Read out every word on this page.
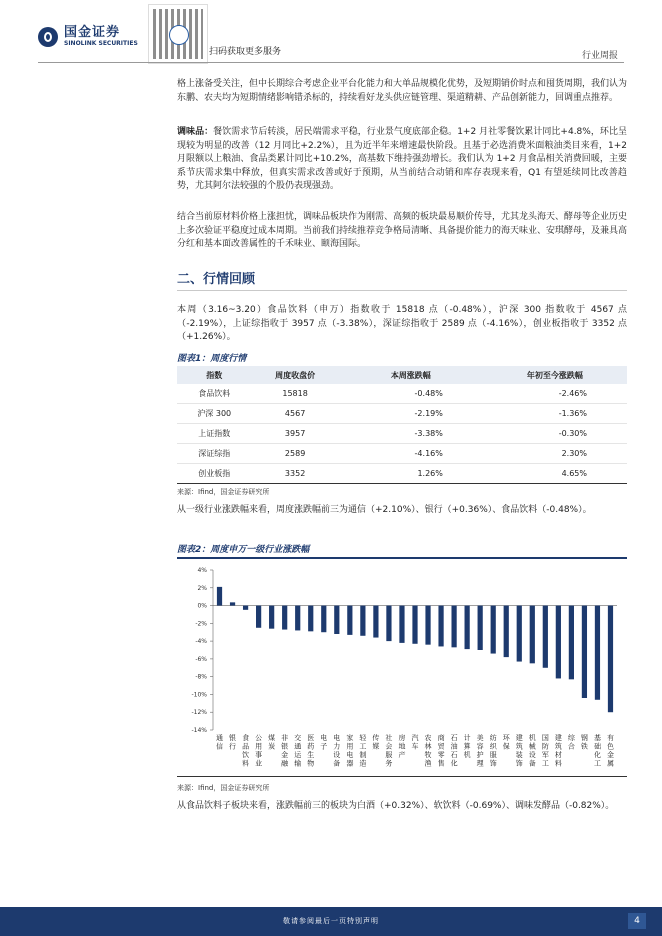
国金证券
SINOLINK SECURITIES
扫码获取更多服务	行业周报
格上涨备受关注，但中长期综合考虑企业平台化能力和大单品规模化优势，及短期销价时点和囤货周期，我们认为东鹏、农夫均为短期情绪影响错杀标的，持续看好龙头供应链管理、渠道精耕、产品创新能力，回调重点推荐。
调味品：餐饮需求节后转淡，居民端需求平稳，行业景气度底部企稳。1+2 月社零餐饮累计同比+4.8%，环比呈现较为明显的改善（12 月同比+2.2%），且为近半年来增速最快阶段。且基于必选消费米面粮油类目来看，1+2 月限额以上粮油、食品类累计同比+10.2%，高基数下维持强劲增长。我们认为 1+2 月食品相关消费回暖，主要系节庆需求集中释放，但真实需求改善或好于预期，从当前结合动销和库存表现来看，Q1 有望延续同比改善趋势，尤其阿尔法较强的个股仍表现强劲。
结合当前原材料价格上涨担忧，调味品板块作为刚需、高频的板块最易顺价传导，尤其龙头海天、酵母等企业历史上多次验证平稳度过成本周期。当前我们持续推荐竞争格局清晰、具备提价能力的海天味业、安琪酵母，及兼具高分红和基本面改善属性的千禾味业、颐海国际。
二、行情回顾
本周（3.16~3.20）食品饮料（申万）指数收于 15818 点（-0.48%），沪深 300 指数收于 4567 点（-2.19%），上证综指收于 3957 点（-3.38%），深证综指收于 2589 点（-4.16%），创业板指收于 3352 点（+1.26%）。
图表1：周度行情
指数	周度收盘价	本周涨跌幅	年初至今涨跌幅
食品饮料	15818	-0.48%	-2.46%
沪深 300	4567	-2.19%	-1.36%
上证指数	3957	-3.38%	-0.30%
深证综指	2589	-4.16%	2.30%
创业板指	3352	1.26%	4.65%
来源：Ifind，国金证券研究所
从一级行业涨跌幅来看，周度涨跌幅前三为通信（+2.10%）、银行（+0.36%）、食品饮料（-0.48%）。
图表2：周度申万一级行业涨跌幅
4%
2%
0%
-2%
-4%
-6%
-8%
-10%
-12%
-14%
通
信
银
行
食
品
饮
料
公
用
事
业
煤
炭
非
银
金
融
交
通
运
输
医
药
生
物
电
子
电
力
设
备
家
用
电
器
轻
工
制
造
传
媒
社
会
服
务
房
地
产
汽
车
农
林
牧
渔
商
贸
零
售
石
油
石
化
计
算
机
美
容
护
理
纺
织
服
饰
环
保
建
筑
装
饰
机
械
设
备
国
防
军
工
建
筑
材
料
综
合
钢
铁
基
础
化
工
有
色
金
属
来源：Ifind，国金证券研究所
从食品饮料子板块来看，涨跌幅前三的板块为白酒（+0.32%）、软饮料（-0.69%）、调味发酵品（-0.82%）。
敬请参阅最后一页特别声明	4
